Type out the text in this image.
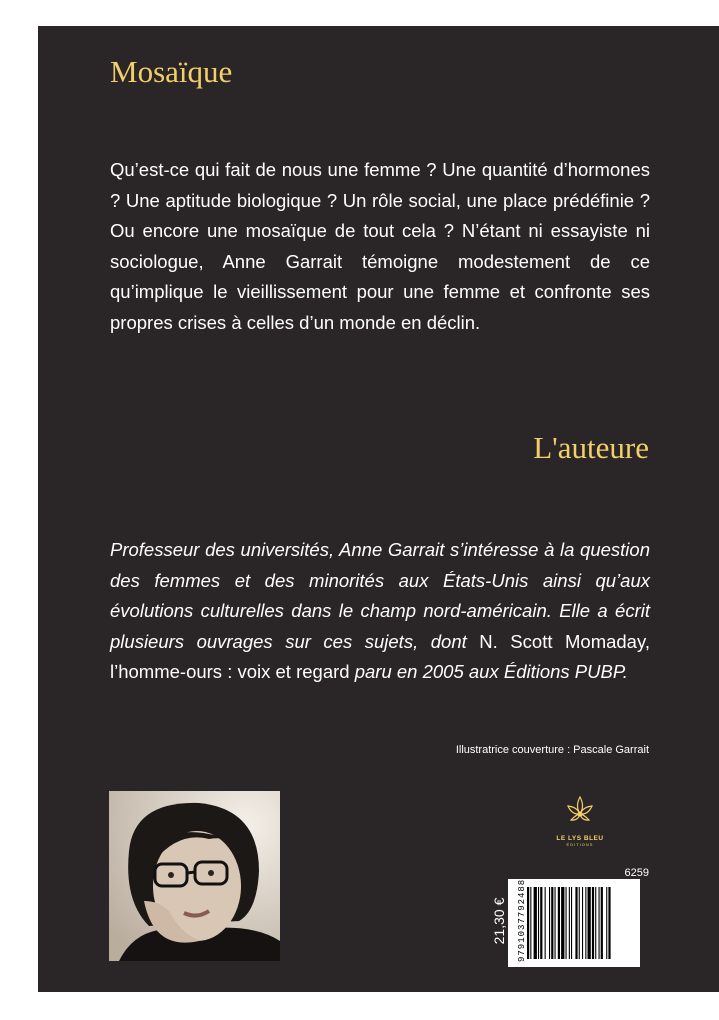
Mosaïque

Qu’est-ce qui fait de nous une femme ? Une quantité d’hormones ? Une aptitude biologique ? Un rôle social, une place prédéfinie ? Ou encore une mosaïque de tout cela ? N’étant ni essayiste ni sociologue, Anne Garrait témoigne modestement de ce qu’implique le vieillissement pour une femme et confronte ses propres crises à celles d’un monde en déclin.

L'auteure

Professeur des universités, Anne Garrait s’intéresse à la question des femmes et des minorités aux États-Unis ainsi qu’aux évolutions culturelles dans le champ nord-américain. Elle a écrit plusieurs ouvrages sur ces sujets, dont N. Scott Momaday, l’homme-ours : voix et regard paru en 2005 aux Éditions PUBP.

Illustratrice couverture : Pascale Garrait
LE LYS BLEU
ÉDITIONS
6259
21,30 € 9791037792488
